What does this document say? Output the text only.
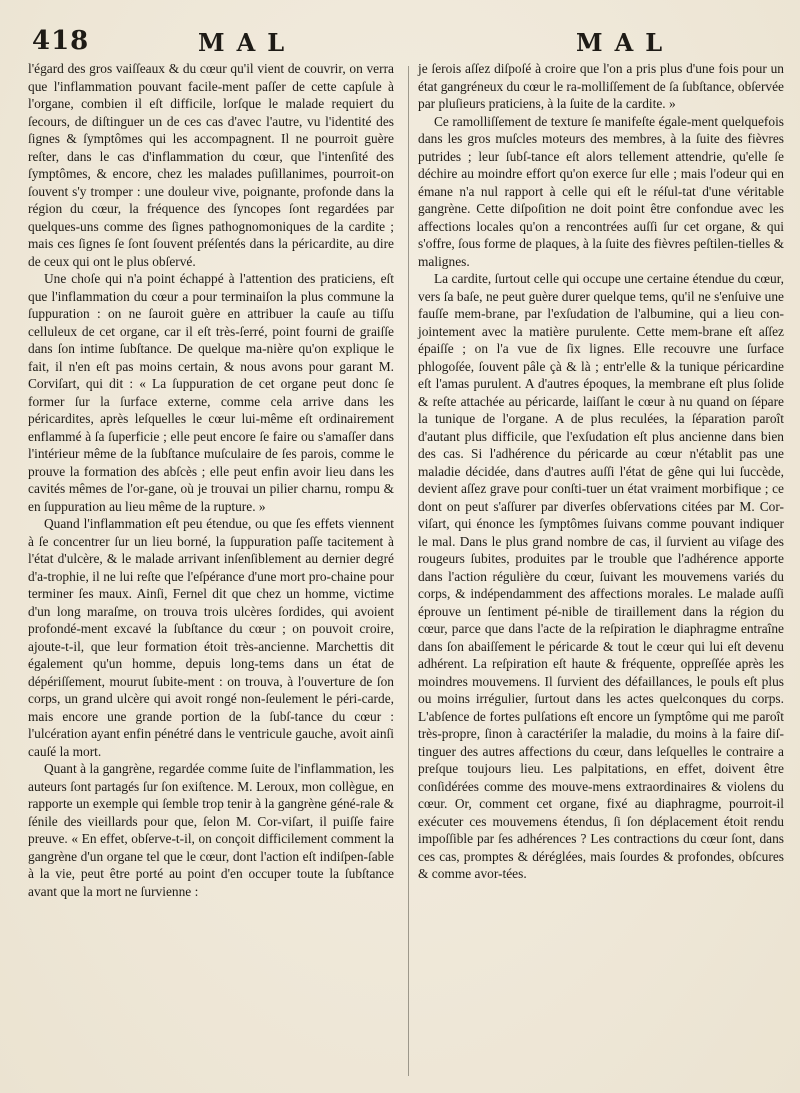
418	MAL	MAL

l'égard des gros vaiſſeaux & du cœur qu'il vient de couvrir, on verra que l'inflammation pouvant facile-ment paſſer de cette capſule à l'organe, combien il eſt difficile, lorſque le malade requiert du ſecours, de diſtinguer un de ces cas d'avec l'autre, vu l'identité des ſignes & ſymptômes qui les accompagnent. Il ne pourroit guère reſter, dans le cas d'inflammation du cœur, que l'intenſité des ſymptômes, & encore, chez les malades puſillanimes, pourroit-on ſouvent s'y tromper : une douleur vive, poignante, profonde dans la région du cœur, la fréquence des ſyncopes ſont regardées par quelques-uns comme des ſignes pathognomoniques de la cardite ; mais ces ſignes ſe ſont ſouvent préſentés dans la péricardite, au dire de ceux qui ont le plus obſervé.

Une choſe qui n'a point échappé à l'attention des praticiens, eſt que l'inflammation du cœur a pour terminaiſon la plus commune la ſuppuration : on ne ſauroit guère en attribuer la cauſe au tiſſu celluleux de cet organe, car il eſt très-ſerré, point fourni de graiſſe dans ſon intime ſubſtance. De quelque ma-nière qu'on explique le fait, il n'en eſt pas moins certain, & nous avons pour garant M. Corviſart, qui dit : « La ſuppuration de cet organe peut donc ſe former ſur la ſurface externe, comme cela arrive dans les péricardites, après leſquelles le cœur lui-même eſt ordinairement enflammé à ſa ſuperficie ; elle peut encore ſe faire ou s'amaſſer dans l'intérieur même de la ſubſtance muſculaire de ſes parois, comme le prouve la formation des abſcès ; elle peut enfin avoir lieu dans les cavités mêmes de l'or-gane, où je trouvai un pilier charnu, rompu & en ſuppuration au lieu même de la rupture. »

Quand l'inflammation eſt peu étendue, ou que ſes effets viennent à ſe concentrer ſur un lieu borné, la ſuppuration paſſe tacitement à l'état d'ulcère, & le malade arrivant inſenſiblement au dernier degré d'a-trophie, il ne lui reſte que l'eſpérance d'une mort pro-chaine pour terminer ſes maux. Ainſi, Fernel dit que chez un homme, victime d'un long maraſme, on trouva trois ulcères ſordides, qui avoient profondé-ment excavé la ſubſtance du cœur ; on pouvoit croire, ajoute-t-il, que leur formation étoit très-ancienne. Marchettis dit également qu'un homme, depuis long-tems dans un état de dépériſſement, mourut ſubite-ment : on trouva, à l'ouverture de ſon corps, un grand ulcère qui avoit rongé non-ſeulement le péri-carde, mais encore une grande portion de la ſubſ-tance du cœur : l'ulcération ayant enfin pénétré dans le ventricule gauche, avoit ainſi cauſé la mort.

Quant à la gangrène, regardée comme ſuite de l'inflammation, les auteurs ſont partagés ſur ſon exiſtence. M. Leroux, mon collègue, en rapporte un exemple qui ſemble trop tenir à la gangrène géné-rale & ſénile des vieillards pour que, ſelon M. Cor-viſart, il puiſſe faire preuve. « En effet, obſerve-t-il, on conçoit difficilement comment la gangrène d'un organe tel que le cœur, dont l'action eſt indiſpen-ſable à la vie, peut être porté au point d'en occuper toute la ſubſtance avant que la mort ne ſurvienne :

je ſerois aſſez diſpoſé à croire que l'on a pris plus d'une fois pour un état gangréneux du cœur le ra-molliſſement de ſa ſubſtance, obſervée par pluſieurs praticiens, à la ſuite de la cardite. »

Ce ramolliſſement de texture ſe manifeſte égale-ment quelquefois dans les gros muſcles moteurs des membres, à la ſuite des fièvres putrides ; leur ſubſ-tance eſt alors tellement attendrie, qu'elle ſe déchire au moindre effort qu'on exerce ſur elle ; mais l'odeur qui en émane n'a nul rapport à celle qui eſt le réſul-tat d'une véritable gangrène. Cette diſpoſition ne doit point être confondue avec les affections locales qu'on a rencontrées auſſi ſur cet organe, & qui s'offre, ſous forme de plaques, à la ſuite des fièvres peſtilen-tielles & malignes.

La cardite, ſurtout celle qui occupe une certaine étendue du cœur, vers ſa baſe, ne peut guère durer quelque tems, qu'il ne s'enſuive une fauſſe mem-brane, par l'exſudation de l'albumine, qui a lieu con-jointement avec la matière purulente. Cette mem-brane eſt aſſez épaiſſe ; on l'a vue de ſix lignes. Elle recouvre une ſurface phlogoſée, ſouvent pâle çà & là ; entr'elle & la tunique péricardine eſt l'amas purulent. A d'autres époques, la membrane eſt plus ſolide & reſte attachée au péricarde, laiſſant le cœur à nu quand on ſépare la tunique de l'organe. A de plus reculées, la ſéparation paroît d'autant plus difficile, que l'exſudation eſt plus ancienne dans bien des cas. Si l'adhérence du péricarde au cœur n'établit pas une maladie décidée, dans d'autres auſſi l'état de gêne qui lui ſuccède, devient aſſez grave pour conſti-tuer un état vraiment morbifique ; ce dont on peut s'aſſurer par diverſes obſervations citées par M. Cor-viſart, qui énonce les ſymptômes ſuivans comme pouvant indiquer le mal. Dans le plus grand nombre de cas, il ſurvient au viſage des rougeurs ſubites, produites par le trouble que l'adhérence apporte dans l'action régulière du cœur, ſuivant les mouvemens variés du corps, & indépendamment des affections morales. Le malade auſſi éprouve un ſentiment pé-nible de tiraillement dans la région du cœur, parce que dans l'acte de la reſpiration le diaphragme entraîne dans ſon abaiſſement le péricarde & tout le cœur qui lui eſt devenu adhérent. La reſpiration eſt haute & fréquente, oppreſſée après les moindres mouvemens. Il ſurvient des défaillances, le pouls eſt plus ou moins irrégulier, ſurtout dans les actes quelconques du corps. L'abſence de fortes pulſations eſt encore un ſymptôme qui me paroît très-propre, ſinon à caractériſer la maladie, du moins à la faire diſ-tinguer des autres affections du cœur, dans leſquelles le contraire a preſque toujours lieu. Les palpitations, en effet, doivent être conſidérées comme des mouve-mens extraordinaires & violens du cœur. Or, comment cet organe, fixé au diaphragme, pourroit-il exécuter ces mouvemens étendus, ſi ſon déplacement étoit rendu impoſſible par ſes adhérences ? Les contractions du cœur ſont, dans ces cas, promptes & déréglées, mais ſourdes & profondes, obſcures & comme avor-tées.
